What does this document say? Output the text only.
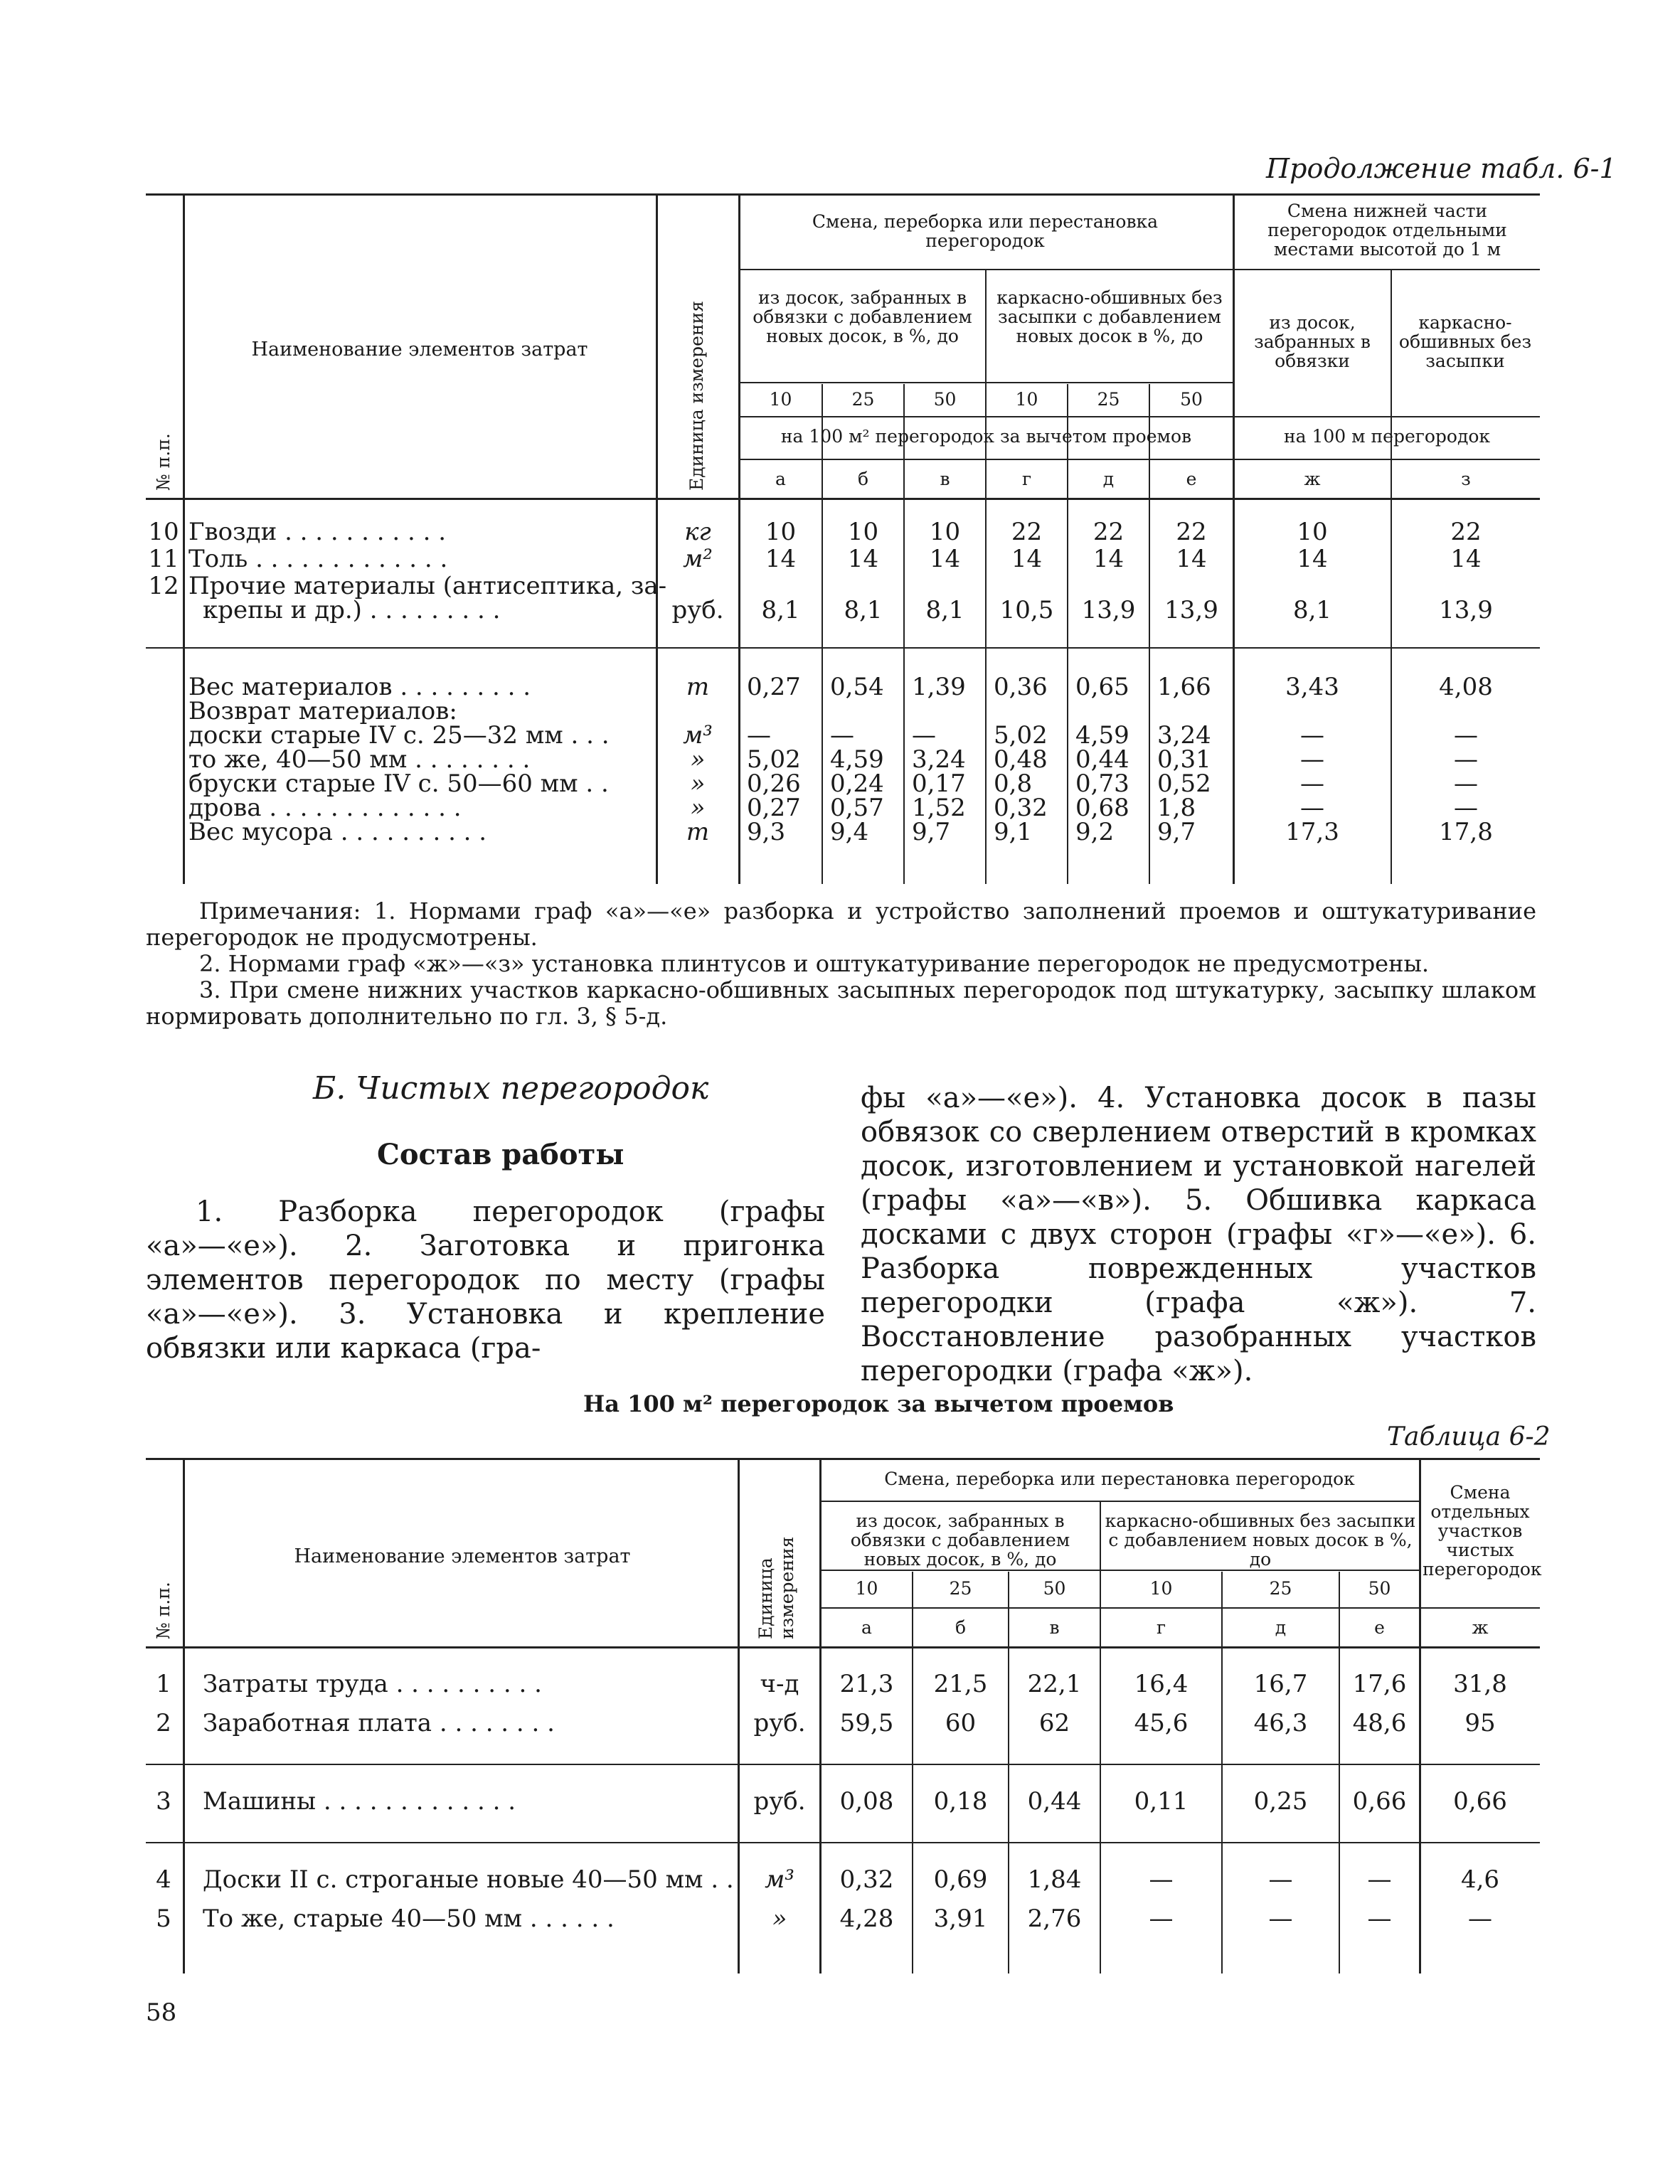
Продолжение табл. 6-1
№ п.п.
Наименование элементов затрат	Единица измерения
Смена, переборка или перестановка перегородок
Смена нижней части перегородок отдельными местами высотой до 1 м
из досок, забранных в обвязки с добавлением новых досок, в %, до
каркасно-обшивных без засыпки с добавлением новых досок в %, до
из досок, забранных в обвязки
каркасно-обшивных без засыпки
10	25	50	10	25	50
на 100 м² перегородок за вычетом проемов	на 100 м перегородок
а	б	в	г	д	е	ж	з
10 Гвозди . . . . . . . . . . .	кг	10	10	10	22	22	22	10	22
11 Толь . . . . . . . . . . . . .	м²	14	14	14	14	14	14	14	14
12 Прочие материалы (антисептика, за-
крепы и др.) . . . . . . . . .	руб.	8,1	8,1	8,1	10,5	13,9	13,9	8,1	13,9
Вес материалов . . . . . . . . .	т	0,27 0,54 1,39 0,36 0,65 1,66	3,43	4,08
Возврат материалов:
доски старые IV с. 25—32 мм . . .	м³	— — — 5,02 4,59 3,24	—	—
то же, 40—50 мм . . . . . . . .	»	5,02 4,59 3,24 0,48 0,44 0,31	—	—
бруски старые IV с. 50—60 мм . .	»	0,26 0,24 0,17 0,8 0,73 0,52	—	—
дрова . . . . . . . . . . . . .	»	0,27 0,57 1,52 0,32 0,68 1,8	—	—
Вес мусора . . . . . . . . . .	т	9,3 9,4 9,7 9,1 9,2 9,7	17,3	17,8
Примечания: 1. Нормами граф «а»—«е» разборка и устройство заполнений проемов и оштукатуривание перегородок не продусмотрены.
2. Нормами граф «ж»—«з» установка плинтусов и оштукатуривание перегородок не предусмотрены.
3. При смене нижних участков каркасно-обшивных засыпных перегородок под штукатурку, засыпку шлаком нормировать дополнительно по гл. 3, § 5-д.
Б. Чистых перегородок
Состав работы
1. Разборка перегородок (графы «а»—«е»). 2. Заготовка и пригонка элементов перегородок по месту (графы «а»—«е»). 3. Установка и крепление обвязки или каркаса (гра-
фы «а»—«е»). 4. Установка досок в пазы обвязок со сверлением отверстий в кромках досок, изготовлением и установкой нагелей (графы «а»—«в»). 5. Обшивка каркаса досками с двух сторон (графы «г»—«е»). 6. Разборка поврежденных участков перегородки (графа «ж»). 7. Восстановление разобранных участков перегородки (графа «ж»).
На 100 м² перегородок за вычетом проемов
Таблица 6-2
№ п.п.
Наименование элементов затрат
Единица измерения
Смена, переборка или перестановка перегородок
Смена отдельных участков чистых перегородок
из досок, забранных в обвязки с добавлением новых досок, в %, до
каркасно-обшивных без засыпки с добавлением новых досок в %, до
10	25	50	10	25	50
а	б	в	г	д	е	ж
1	Затраты труда . . . . . . . . . .	ч-д	21,3	21,5	22,1	16,4	16,7	17,6	31,8
2	Заработная плата . . . . . . . .	руб.	59,5	60	62	45,6	46,3	48,6	95
3	Машины . . . . . . . . . . . . .	руб.	0,08	0,18	0,44	0,11	0,25	0,66	0,66
4	Доски II с. строганые новые 40—50 мм . .	м³	0,32	0,69	1,84	—	—	—	4,6
5	То же, старые 40—50 мм . . . . . .	»	4,28	3,91	2,76	—	—	—	—
58
